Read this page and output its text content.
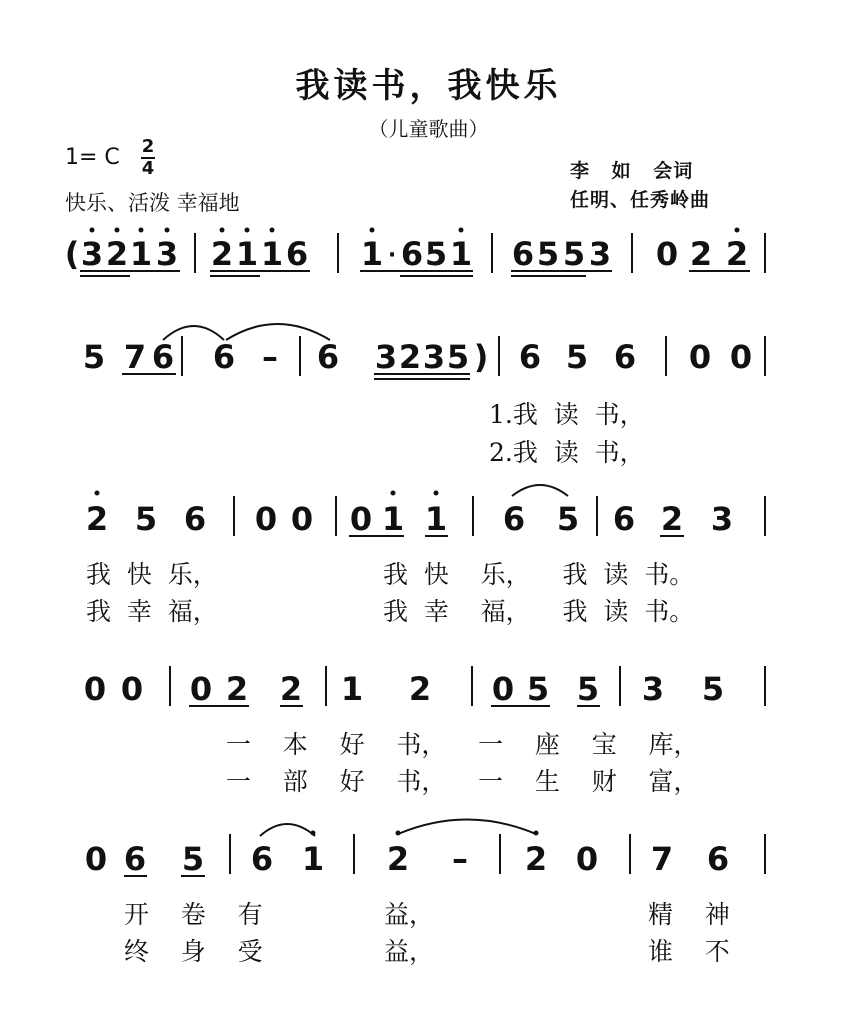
我读书，我快乐
（儿童歌曲）
1= C 2
4
快乐、活泼 幸福地
李 如 会词
任明、任秀岭曲
( 3 2 1 3 2 1 1 6 1 · 6 5 1 6 5 5 3 0 2 2
5 7 6 6 – 6 3 2 3 5 ) 6 5 6 0 0
2 5 6 0 0 0 1 1 6 5 6 2 3
0 0 0 2 2 1 2 0 5 5 3 5
0 6 5 6 1 2 – 2 0 7 6
1.我  读  书，
2.我  读  书，
我  快  乐，	我  快    乐，    我  读  书。
我  幸  福，	我  幸    福，    我  读  书。
一    本    好    书，    一    座    宝    库，
一    部    好    书，    一    生    财    富，
开    卷    有	益，	精    神
终    身    受	益，	谁    不
